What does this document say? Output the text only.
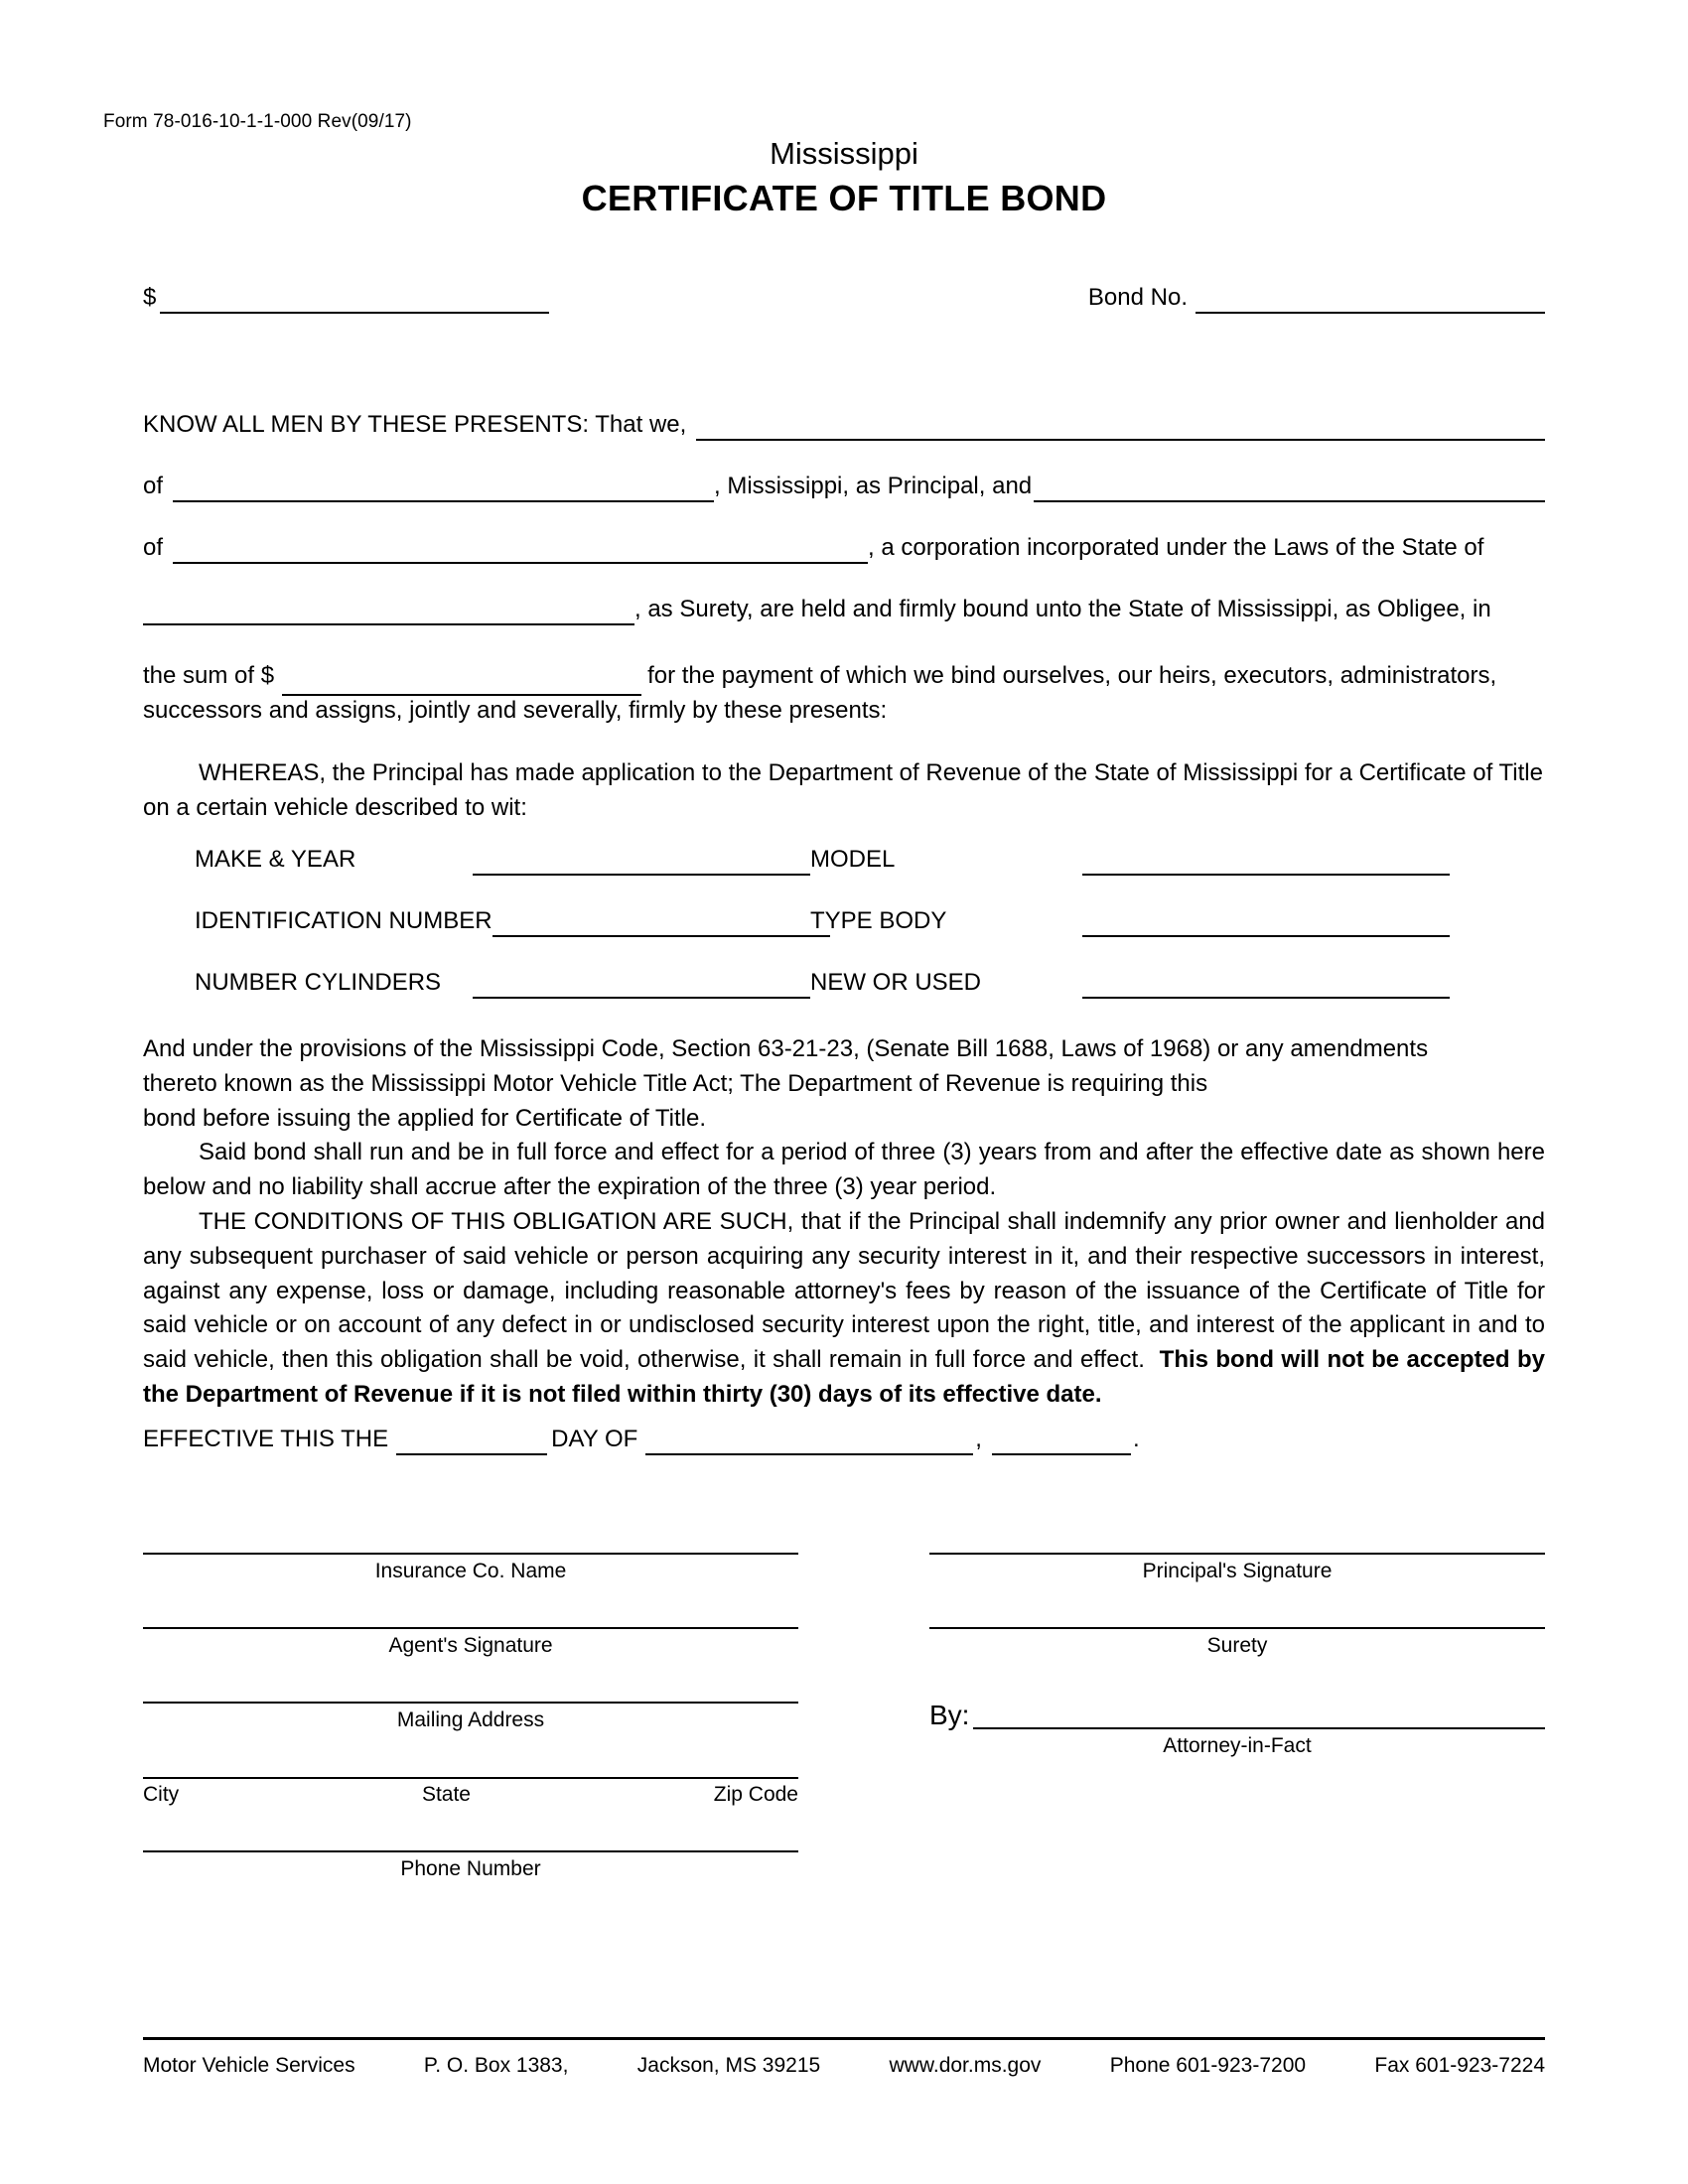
Form 78-016-10-1-1-000 Rev(09/17)
Mississippi
CERTIFICATE OF TITLE BOND
$	Bond No.
KNOW ALL MEN BY THESE PRESENTS: That we,
of	, Mississippi, as Principal, and
of	, a corporation incorporated under the Laws of the State of
, as Surety, are held and firmly bound unto the State of Mississippi, as Obligee, in
the sum of $	for the payment of which we bind ourselves, our heirs, executors, administrators,
successors and assigns, jointly and severally, firmly by these presents:
WHEREAS, the Principal has made application to the Department of Revenue of the State of Mississippi for a Certificate of Title on a certain vehicle described to wit:
MAKE & YEAR	MODEL
IDENTIFICATION NUMBER	TYPE BODY
NUMBER CYLINDERS	NEW OR USED
And under the provisions of the Mississippi Code, Section 63-21-23, (Senate Bill 1688, Laws of 1968) or any amendments
thereto known as the Mississippi Motor Vehicle Title Act; The Department of Revenue is requiring this
bond before issuing the applied for Certificate of Title.
Said bond shall run and be in full force and effect for a period of three (3) years from and after the effective date as shown here below and no liability shall accrue after the expiration of the three (3) year period.
THE CONDITIONS OF THIS OBLIGATION ARE SUCH, that if the Principal shall indemnify any prior owner and lienholder and any subsequent purchaser of said vehicle or person acquiring any security interest in it, and their respective successors in interest, against any expense, loss or damage, including reasonable attorney's fees by reason of the issuance of the Certificate of Title for said vehicle or on account of any defect in or undisclosed security interest upon the right, title, and interest of the applicant in and to said vehicle, then this obligation shall be void, otherwise, it shall remain in full force and effect.  This bond will not be accepted by the Department of Revenue if it is not filed within thirty (30) days of its effective date.
EFFECTIVE THIS THE	DAY OF	,	.
Insurance Co. Name
Agent's Signature
Mailing Address
City	State	Zip Code
Phone Number
Principal's Signature
Surety
By:
Attorney-in-Fact
Motor Vehicle Services	P. O. Box 1383,	Jackson, MS 39215	www.dor.ms.gov	Phone 601-923-7200	Fax 601-923-7224
